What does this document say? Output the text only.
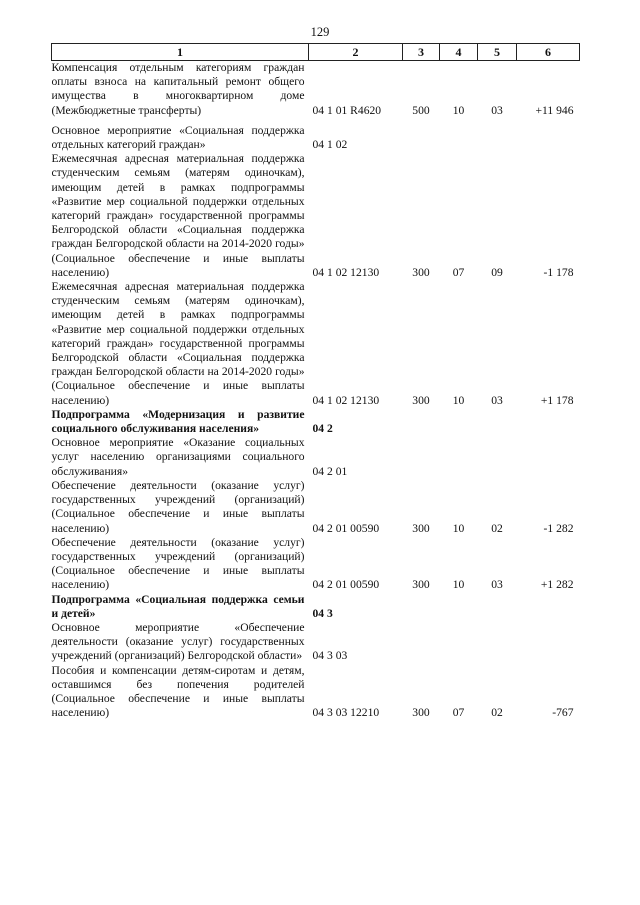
129
1	2	3	4	5	6
Компенсация отдельным категориям граждан оплаты взноса на капитальный ремонт общего имущества в многоквартирном доме (Межбюджетные трансферты)	04 1 01 R4620	500	10	03	+11 946
Основное мероприятие «Социальная поддержка отдельных категорий граждан»	04 1 02				
Ежемесячная адресная материальная поддержка студенческим семьям (матерям одиночкам), имеющим детей в рамках подпрограммы «Развитие мер социальной поддержки отдельных категорий граждан» государственной программы Белгородской области «Социальная поддержка граждан Белгородской области на 2014-2020 годы» (Социальное обеспечение и иные выплаты населению)	04 1 02 12130	300	07	09	-1 178
Ежемесячная адресная материальная поддержка студенческим семьям (матерям одиночкам), имеющим детей в рамках подпрограммы «Развитие мер социальной поддержки отдельных категорий граждан» государственной программы Белгородской области «Социальная поддержка граждан Белгородской области на 2014-2020 годы» (Социальное обеспечение и иные выплаты населению)	04 1 02 12130	300	10	03	+1 178
Подпрограмма «Модернизация и развитие социального обслуживания населения»	04 2				
Основное мероприятие «Оказание социальных услуг населению организациями социального обслуживания»	04 2 01				
Обеспечение деятельности (оказание услуг) государственных учреждений (организаций) (Социальное обеспечение и иные выплаты населению)	04 2 01 00590	300	10	02	-1 282
Обеспечение деятельности (оказание услуг) государственных учреждений (организаций) (Социальное обеспечение и иные выплаты населению)	04 2 01 00590	300	10	03	+1 282
Подпрограмма «Социальная поддержка семьи и детей»	04 3				
Основное мероприятие «Обеспечение деятельности (оказание услуг) государственных учреждений (организаций) Белгородской области»	04 3 03				
Пособия и компенсации детям-сиротам и детям, оставшимся без попечения родителей (Социальное обеспечение и иные выплаты населению)	04 3 03 12210	300	07	02	-767
